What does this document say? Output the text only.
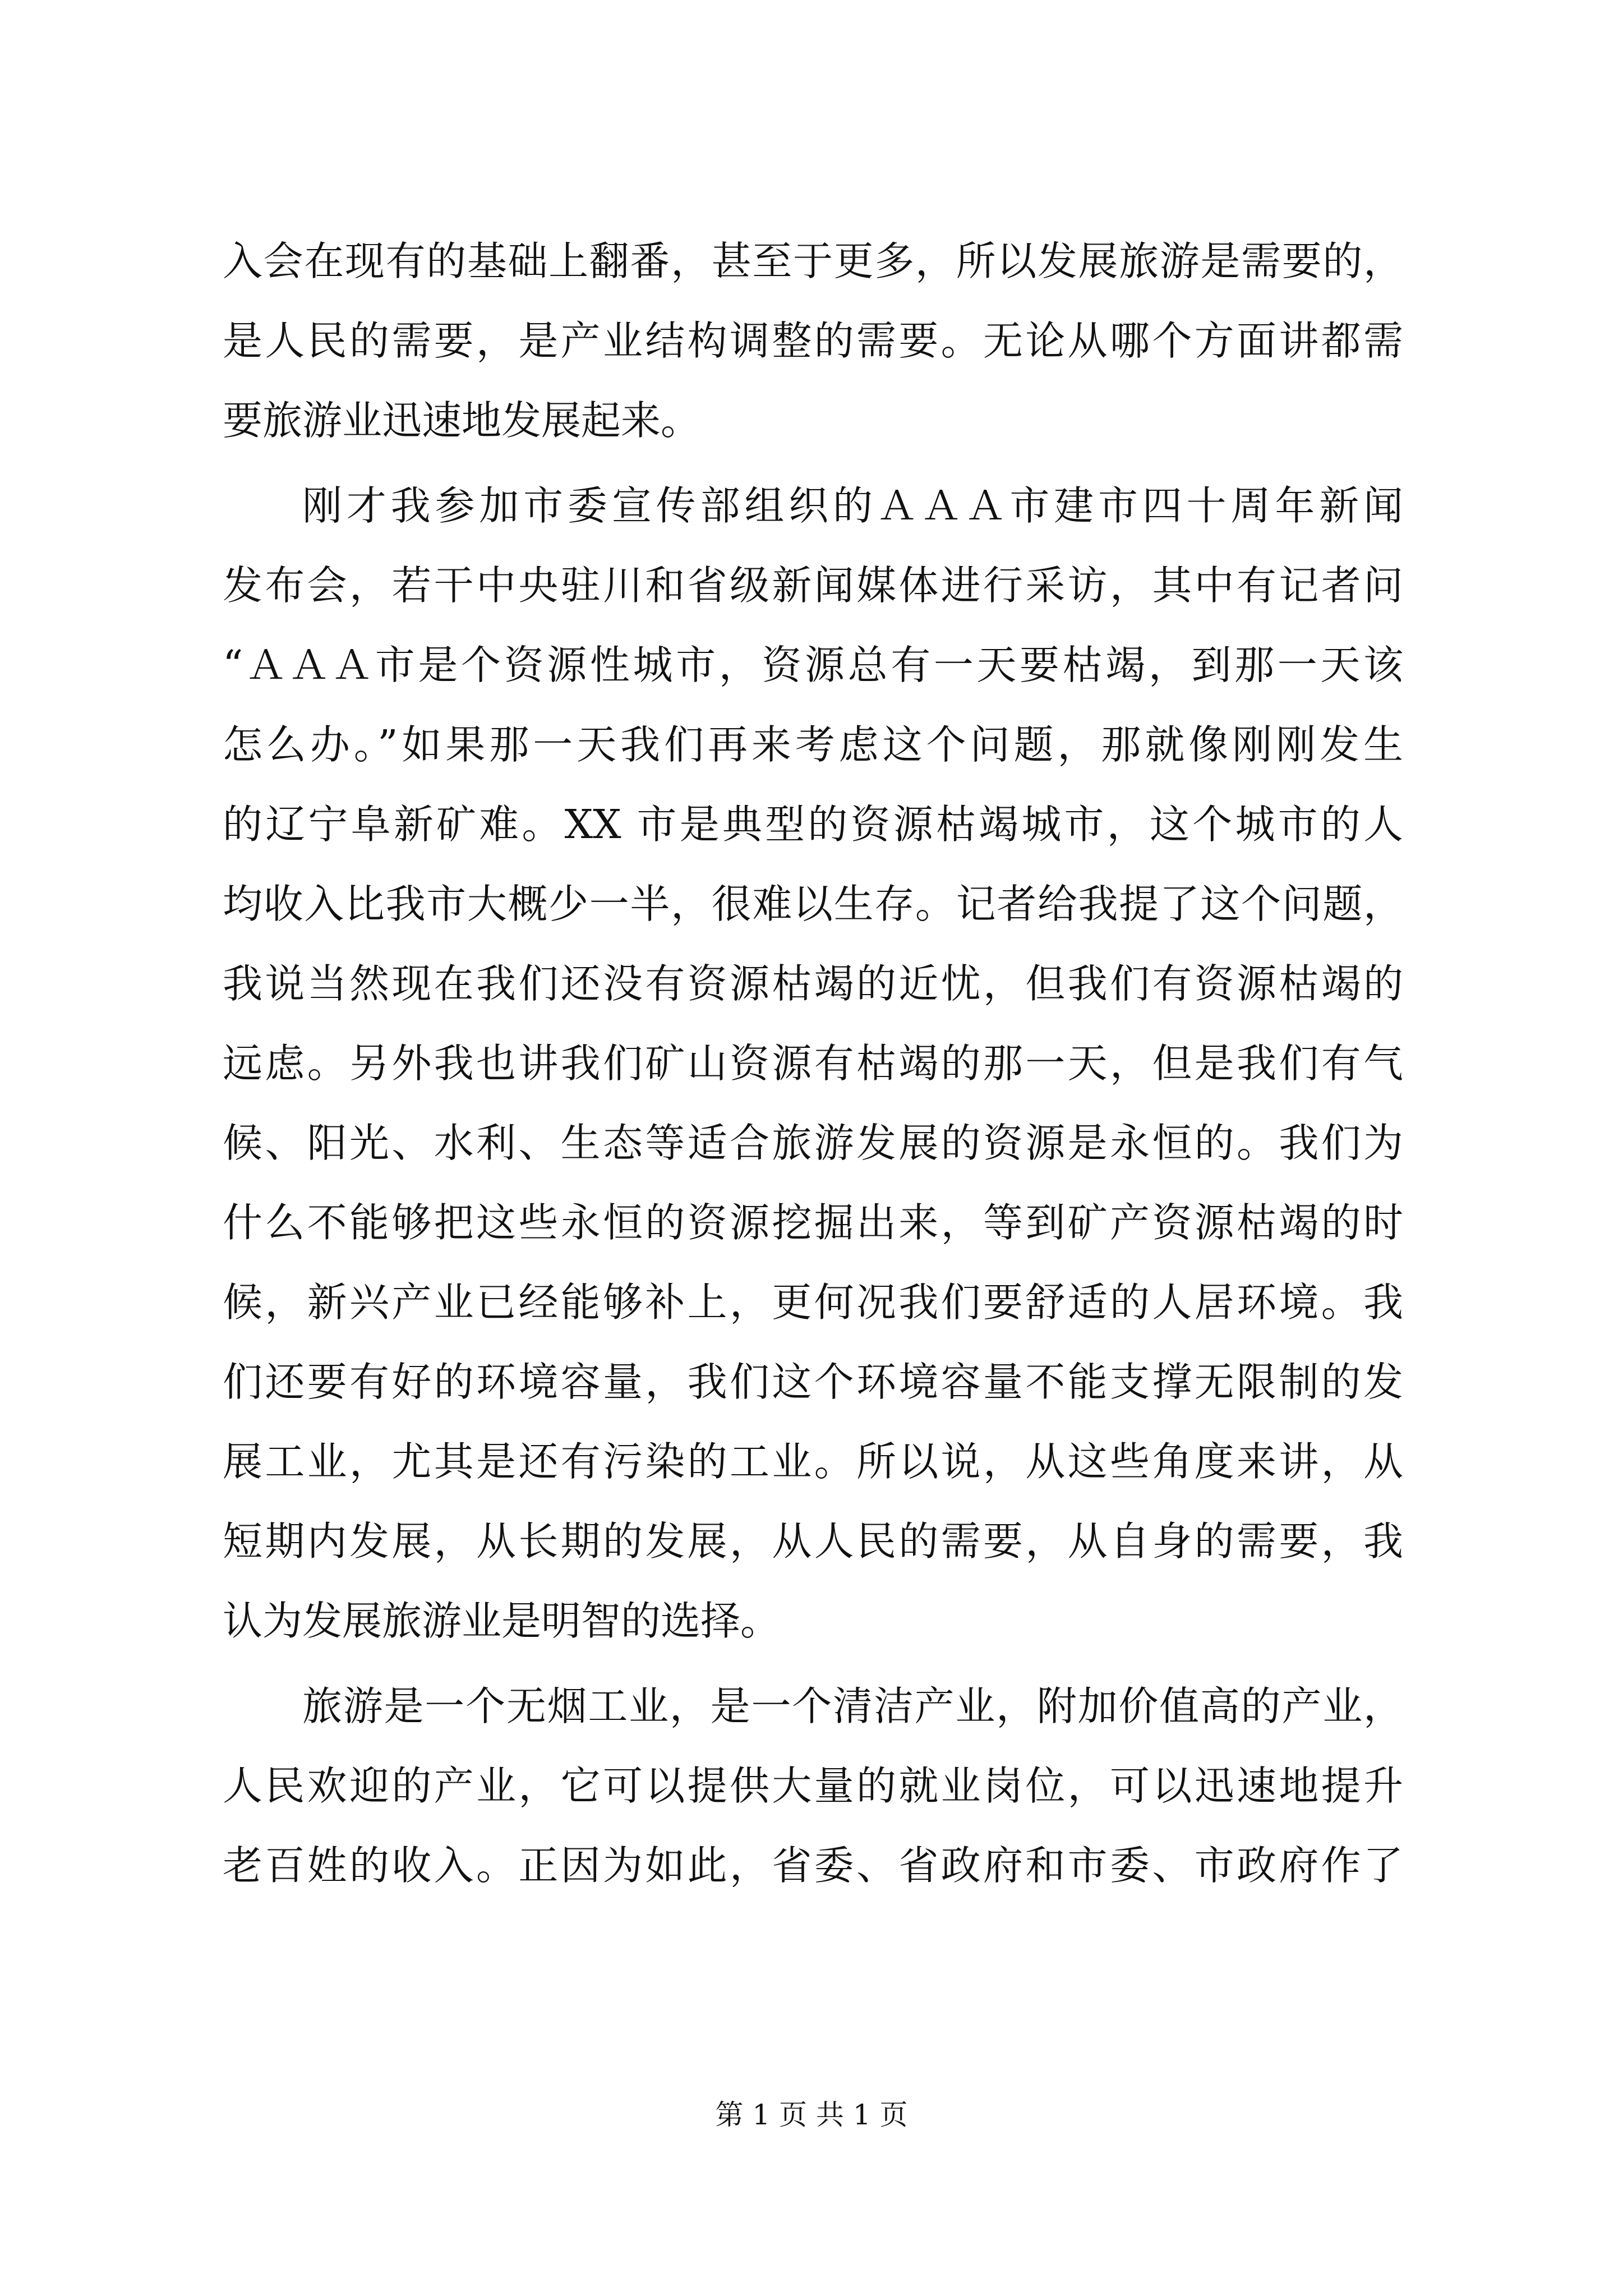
入会在现有的基础上翻番，甚至于更多，所以发展旅游是需要的，
是人民的需要，是产业结构调整的需要。无论从哪个方面讲都需
要旅游业迅速地发展起来。
刚才我参加市委宣传部组织的ＡＡＡ市建市四十周年新闻
发布会，若干中央驻川和省级新闻媒体进行采访，其中有记者问
“ＡＡＡ市是个资源性城市，资源总有一天要枯竭，到那一天该
怎么办。”如果那一天我们再来考虑这个问题，那就像刚刚发生
的辽宁阜新矿难。XX 市是典型的资源枯竭城市，这个城市的人
均收入比我市大概少一半，很难以生存。记者给我提了这个问题，
我说当然现在我们还没有资源枯竭的近忧，但我们有资源枯竭的
远虑。另外我也讲我们矿山资源有枯竭的那一天，但是我们有气
候、阳光、水利、生态等适合旅游发展的资源是永恒的。我们为
什么不能够把这些永恒的资源挖掘出来，等到矿产资源枯竭的时
候，新兴产业已经能够补上，更何况我们要舒适的人居环境。我
们还要有好的环境容量，我们这个环境容量不能支撑无限制的发
展工业，尤其是还有污染的工业。所以说，从这些角度来讲，从
短期内发展，从长期的发展，从人民的需要，从自身的需要，我
认为发展旅游业是明智的选择。
旅游是一个无烟工业，是一个清洁产业，附加价值高的产业，
人民欢迎的产业，它可以提供大量的就业岗位，可以迅速地提升
老百姓的收入。正因为如此，省委、省政府和市委、市政府作了
第 1 页 共 1 页
